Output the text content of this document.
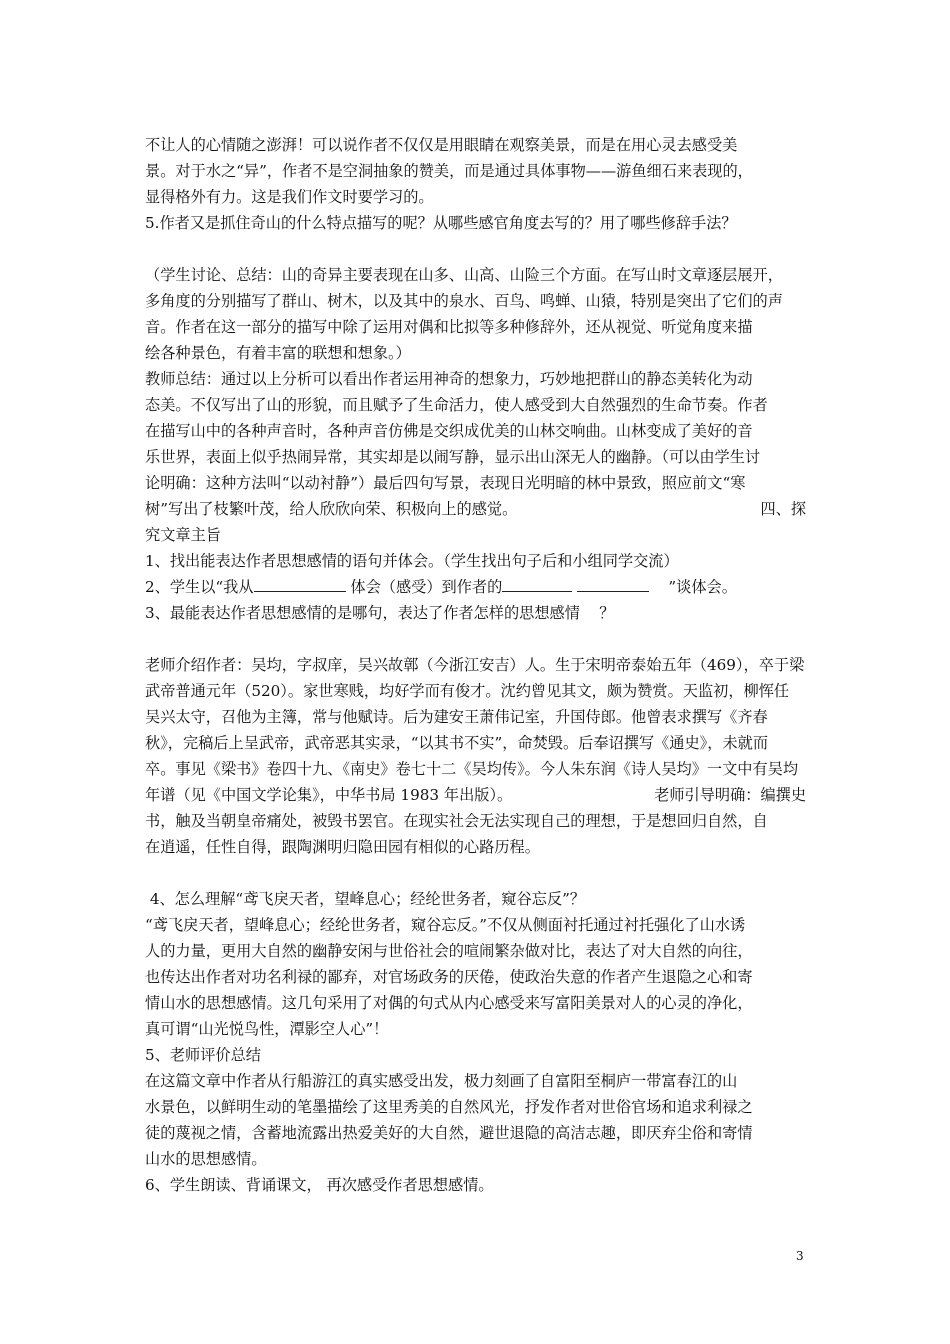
不让人的心情随之澎湃！可以说作者不仅仅是用眼睛在观察美景，而是在用心灵去感受美

景。对于水之“异”，作者不是空洞抽象的赞美，而是通过具体事物——游鱼细石来表现的，

显得格外有力。这是我们作文时要学习的。

5.作者又是抓住奇山的什么特点描写的呢？从哪些感官角度去写的？用了哪些修辞手法？

（学生讨论、总结：山的奇异主要表现在山多、山高、山险三个方面。在写山时文章逐层展开，

多角度的分别描写了群山、树木，以及其中的泉水、百鸟、鸣蝉、山猿，特别是突出了它们的声

音。作者在这一部分的描写中除了运用对偶和比拟等多种修辞外，还从视觉、听觉角度来描

绘各种景色，有着丰富的联想和想象。）

教师总结：通过以上分析可以看出作者运用神奇的想象力，巧妙地把群山的静态美转化为动

态美。不仅写出了山的形貌，而且赋予了生命活力，使人感受到大自然强烈的生命节奏。作者

在描写山中的各种声音时，各种声音仿佛是交织成优美的山林交响曲。山林变成了美好的音

乐世界，表面上似乎热闹异常，其实却是以闹写静，显示出山深无人的幽静。（可以由学生讨

论明确：这种方法叫“以动衬静”）最后四句写景，表现日光明暗的林中景致，照应前文“寒

树”写出了枝繁叶茂，给人欣欣向荣、积极向上的感觉。	四、探

究文章主旨

1、找出能表达作者思想感情的语句并体会。（学生找出句子后和小组同学交流）

2、学生以“我从	体会（感受）到作者的	”谈体会。

3、最能表达作者思想感情的是哪句，表达了作者怎样的思想感情 ？

老师介绍作者：吴均，字叔庠，吴兴故鄣（今浙江安吉）人。生于宋明帝泰始五年（469），卒于梁

武帝普通元年（520）。家世寒贱，均好学而有俊才。沈约曾见其文，颇为赞赏。天监初，柳恽任

吴兴太守，召他为主簿，常与他赋诗。后为建安王萧伟记室，升国侍郎。他曾表求撰写《齐春

秋》，完稿后上呈武帝，武帝恶其实录，“以其书不实”，命焚毁。后奉诏撰写《通史》，未就而

卒。事见《梁书》卷四十九、《南史》卷七十二《吴均传》。今人朱东润《诗人吴均》一文中有吴均

年谱（见《中国文学论集》，中华书局 1983 年出版）。	老师引导明确：编撰史

书，触及当朝皇帝痛处，被毁书罢官。在现实社会无法实现自己的理想，于是想回归自然，自

在逍遥，任性自得，跟陶渊明归隐田园有相似的心路历程。

4、怎么理解“鸢飞戾天者，望峰息心；经纶世务者，窥谷忘反”？

“鸢飞戾天者，望峰息心；经纶世务者，窥谷忘反。”不仅从侧面衬托通过衬托强化了山水诱

人的力量，更用大自然的幽静安闲与世俗社会的喧闹繁杂做对比，表达了对大自然的向往，

也传达出作者对功名利禄的鄙弃，对官场政务的厌倦，使政治失意的作者产生退隐之心和寄

情山水的思想感情。这几句采用了对偶的句式从内心感受来写富阳美景对人的心灵的净化，

真可谓“山光悦鸟性，潭影空人心”！

5、老师评价总结

在这篇文章中作者从行船游江的真实感受出发，极力刻画了自富阳至桐庐一带富春江的山

水景色，以鲜明生动的笔墨描绘了这里秀美的自然风光，抒发作者对世俗官场和追求利禄之

徒的蔑视之情，含蓄地流露出热爱美好的大自然，避世退隐的高洁志趣，即厌弃尘俗和寄情

山水的思想感情。

6、学生朗读、背诵课文， 再次感受作者思想感情。

3
